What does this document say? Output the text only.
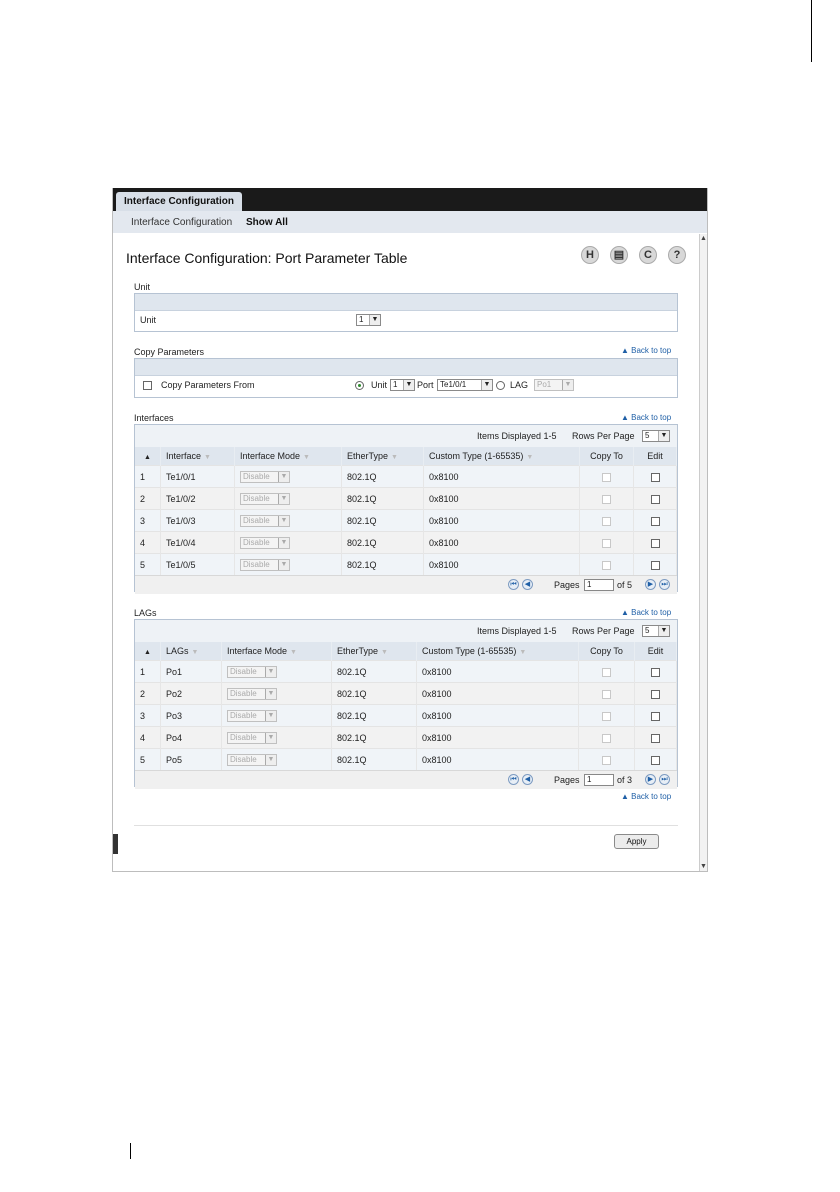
Interface Configuration
Interface Configuration Show All
▲
▼
Interface Configuration: Port Parameter Table	H	▤	C	?
Unit
Unit	1	▼
Copy Parameters	▲ Back to top
Copy Parameters From	Unit 1	▼ Port Te1/0/1	▼ LAG	Po1	▼
Interfaces	▲ Back to top
Items Displayed 1-5 Rows Per Page	5	▼
▲	Interface ▼	Interface Mode ▼	EtherType ▼	Custom Type (1-65535) ▼	Copy To	Edit
1	Te1/0/1	Disable ▼	802.1Q	0x8100		
2	Te1/0/2	Disable ▼	802.1Q	0x8100		
3	Te1/0/3	Disable ▼	802.1Q	0x8100		
4	Te1/0/4	Disable ▼	802.1Q	0x8100		
5	Te1/0/5	Disable ▼	802.1Q	0x8100		
⏮	◀	Pages 1	of 5	▶	⏭
LAGs	▲ Back to top
Items Displayed 1-5 Rows Per Page	5	▼
▲	LAGs ▼	Interface Mode ▼	EtherType ▼	Custom Type (1-65535) ▼	Copy To	Edit
1	Po1	Disable ▼	802.1Q	0x8100		
2	Po2	Disable ▼	802.1Q	0x8100		
3	Po3	Disable ▼	802.1Q	0x8100		
4	Po4	Disable ▼	802.1Q	0x8100		
5	Po5	Disable ▼	802.1Q	0x8100		
⏮	◀	Pages 1	of 3	▶	⏭
▲ Back to top
Apply
